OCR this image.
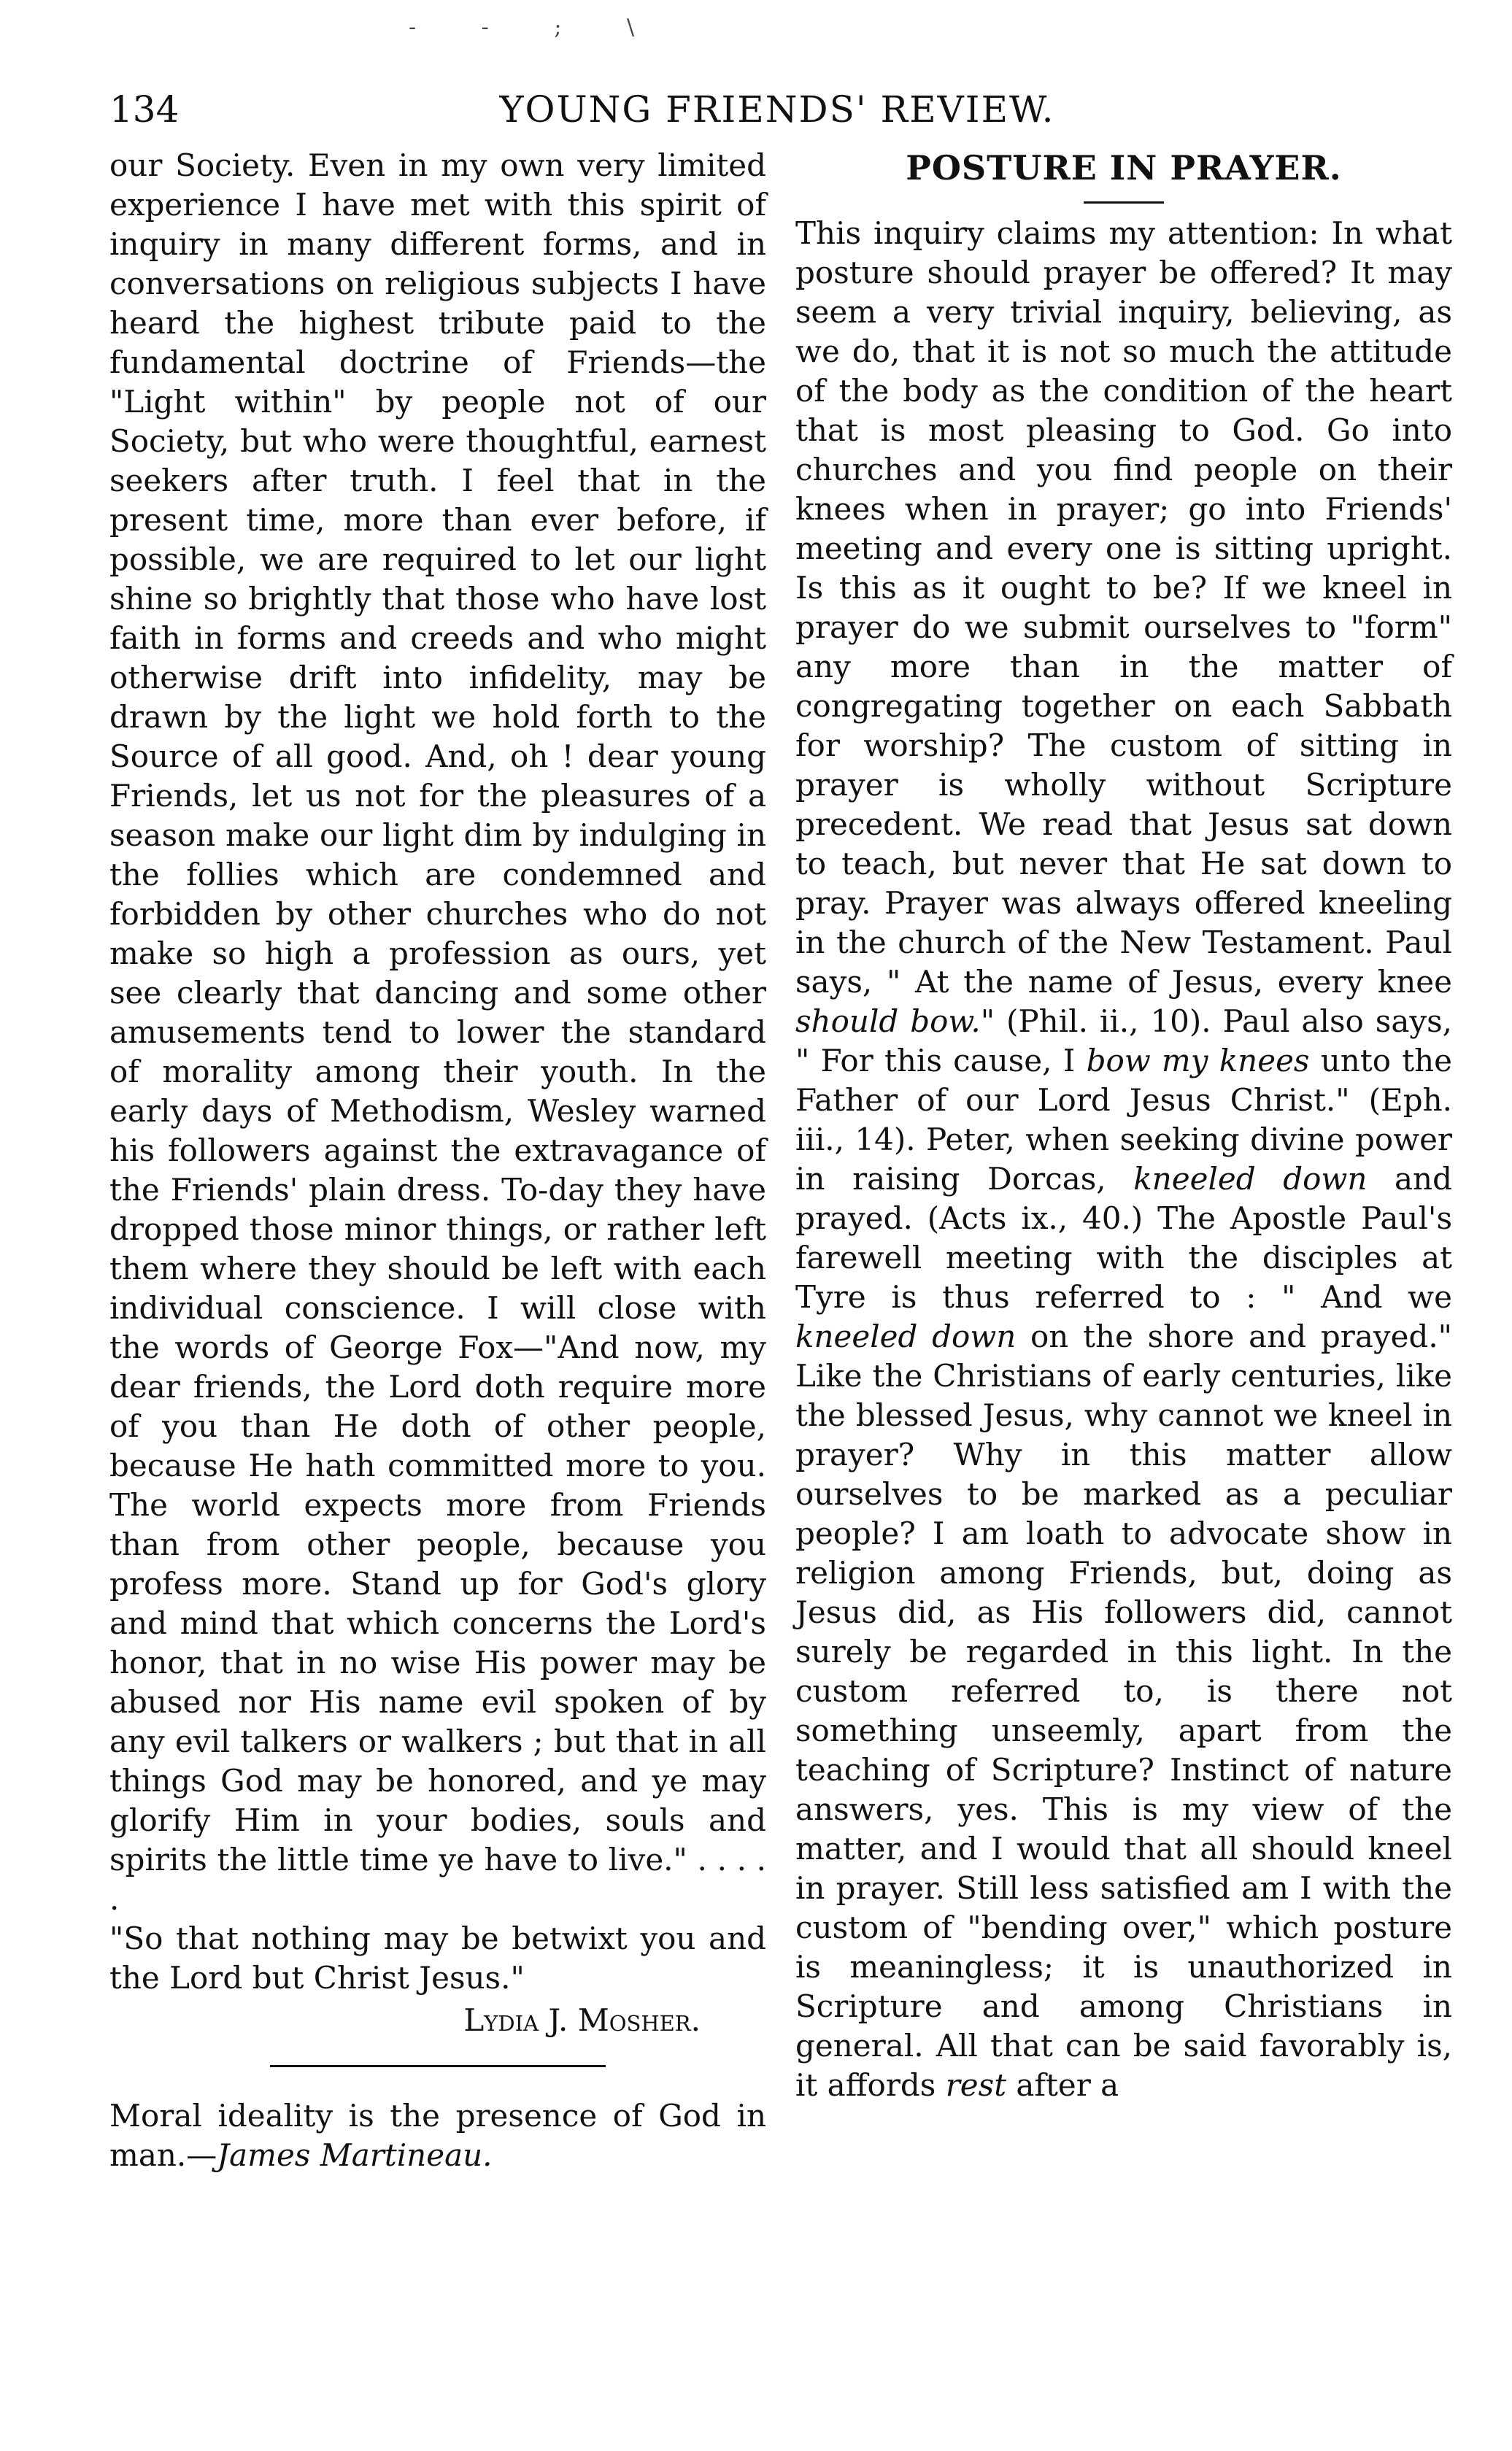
- - ; \
134	YOUNG FRIENDS' REVIEW.

our Society. Even in my own very limited experience I have met with this spirit of inquiry in many different forms, and in conversations on religious subjects I have heard the highest tribute paid to the fundamental doctrine of Friends—the "Light within" by people not of our Society, but who were thoughtful, earnest seekers after truth. I feel that in the present time, more than ever before, if possible, we are required to let our light shine so brightly that those who have lost faith in forms and creeds and who might otherwise drift into infidelity, may be drawn by the light we hold forth to the Source of all good. And, oh ! dear young Friends, let us not for the pleasures of a season make our light dim by indulging in the follies which are condemned and forbidden by other churches who do not make so high a profession as ours, yet see clearly that dancing and some other amusements tend to lower the standard of morality among their youth. In the early days of Methodism, Wesley warned his followers against the extravagance of the Friends' plain dress. To-day they have dropped those minor things, or rather left them where they should be left with each individual conscience. I will close with the words of George Fox—"And now, my dear friends, the Lord doth require more of you than He doth of other people, because He hath committed more to you. The world expects more from Friends than from other people, because you profess more. Stand up for God's glory and mind that which concerns the Lord's honor, that in no wise His power may be abused nor His name evil spoken of by any evil talkers or walkers ; but that in all things God may be honored, and ye may glorify Him in your bodies, souls and spirits the little time ye have to live." . . . . .

"So that nothing may be betwixt you and the Lord but Christ Jesus."

Lydia J. Mosher.

Moral ideality is the presence of God in man.—James Martineau.

POSTURE IN PRAYER.

This inquiry claims my attention: In what posture should prayer be offered? It may seem a very trivial inquiry, believing, as we do, that it is not so much the attitude of the body as the condition of the heart that is most pleasing to God. Go into churches and you find people on their knees when in prayer; go into Friends' meeting and every one is sitting upright. Is this as it ought to be? If we kneel in prayer do we submit ourselves to "form" any more than in the matter of congregating together on each Sabbath for worship? The custom of sitting in prayer is wholly without Scripture precedent. We read that Jesus sat down to teach, but never that He sat down to pray. Prayer was always offered kneeling in the church of the New Testament. Paul says, " At the name of Jesus, every knee should bow." (Phil. ii., 10). Paul also says, " For this cause, I bow my knees unto the Father of our Lord Jesus Christ." (Eph. iii., 14). Peter, when seeking divine power in raising Dorcas, kneeled down and prayed. (Acts ix., 40.) The Apostle Paul's farewell meeting with the disciples at Tyre is thus referred to : " And we kneeled down on the shore and prayed." Like the Christians of early centuries, like the blessed Jesus, why cannot we kneel in prayer? Why in this matter allow ourselves to be marked as a peculiar people? I am loath to advocate show in religion among Friends, but, doing as Jesus did, as His followers did, cannot surely be regarded in this light. In the custom referred to, is there not something unseemly, apart from the teaching of Scripture? Instinct of nature answers, yes. This is my view of the matter, and I would that all should kneel in prayer. Still less satisfied am I with the custom of "bending over," which posture is meaningless; it is unauthorized in Scripture and among Christians in general. All that can be said favorably is, it affords rest after a
